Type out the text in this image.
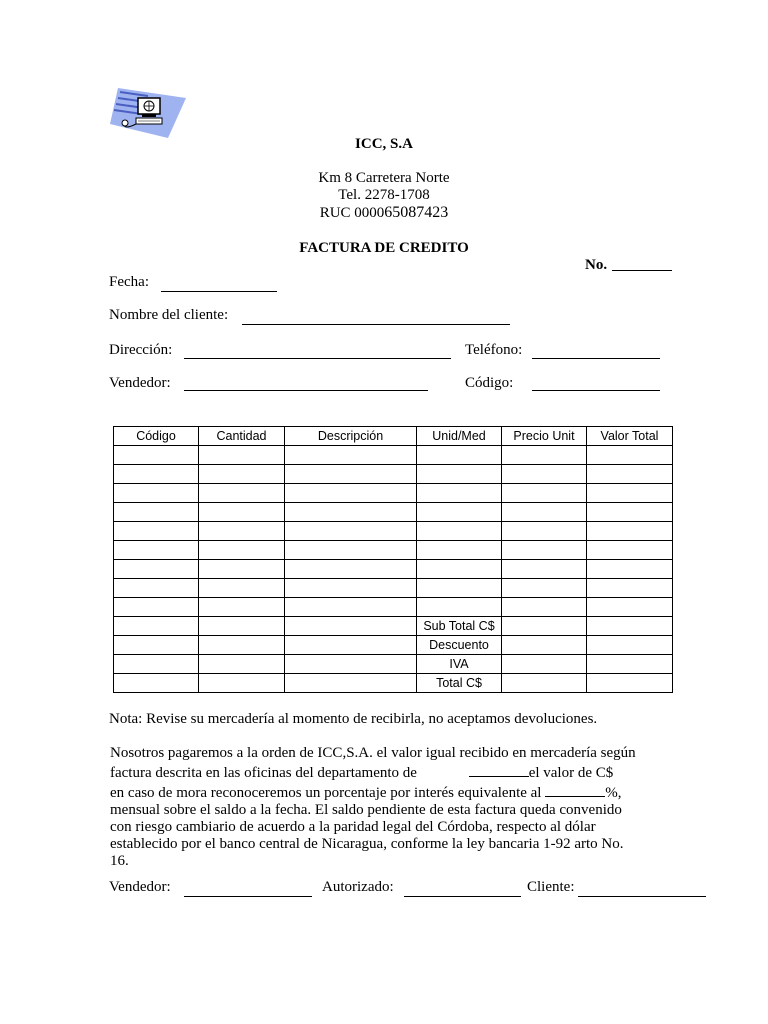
ICC, S.A
Km 8 Carretera Norte
Tel. 2278-1708
RUC 000065087423
FACTURA DE CREDITO
No.
Fecha:
Nombre del cliente:
Dirección:	Teléfono:
Vendedor:	Código:
Código	Cantidad	Descripción	Unid/Med	Precio Unit	Valor Total

			Sub Total C$		
			Descuento		
			IVA		
			Total C$		
Nota: Revise su mercadería al momento de recibirla, no aceptamos devoluciones.
Nosotros pagaremos a la orden de ICC,S.A. el valor igual recibido en mercadería según
factura descrita en las oficinas del departamento de	el valor de C$
en caso de mora reconoceremos un porcentaje por interés equivalente al	%,
mensual sobre el saldo a la fecha. El saldo pendiente de esta factura queda convenido
con riesgo cambiario de acuerdo a la paridad legal del Córdoba, respecto al dólar
establecido por el banco central de Nicaragua, conforme la ley bancaria 1-92 arto No.
16.
Vendedor:	Autorizado:	Cliente:
